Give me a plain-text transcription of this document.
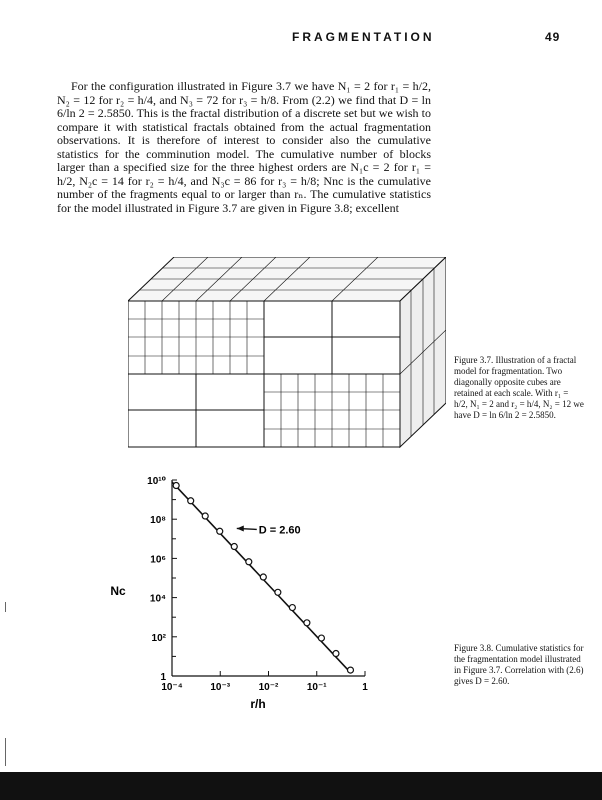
FRAGMENTATION	49

For the configuration illustrated in Figure 3.7 we have N₁ = 2 for r₁ = h/2, N₂ = 12 for r₂ = h/4, and N₃ = 72 for r₃ = h/8. From (2.2) we find that D = ln 6/ln 2 = 2.5850. This is the fractal distribution of a discrete set but we wish to compare it with statistical fractals obtained from the actual fragmentation observations. It is therefore of interest to consider also the cumulative statistics for the comminution model. The cumulative number of blocks larger than a specified size for the three highest orders are N₁c = 2 for r₁ = h/2, N₂c = 14 for r₂ = h/4, and N₃c = 86 for r₃ = h/8; Nnc is the cumulative number of the fragments equal to or larger than rₙ. The cumulative statistics for the model illustrated in Figure 3.7 are given in Figure 3.8; excellent

Figure 3.7. Illustration of a fractal model for fragmentation. Two diagonally opposite cubes are retained at each scale. With r₁ = h/2, N₁ = 2 and r₂ = h/4, N₂ = 12 we have D = ln 6/ln 2 = 2.5850.
10⁻⁴	10⁻³	10⁻²	10⁻¹	1
1
10²
10⁴
10⁶
10⁸
10¹⁰
D = 2.60
r/h
Nc
Figure 3.8. Cumulative statistics for the fragmentation model illustrated in Figure 3.7. Correlation with (2.6) gives D = 2.60.
